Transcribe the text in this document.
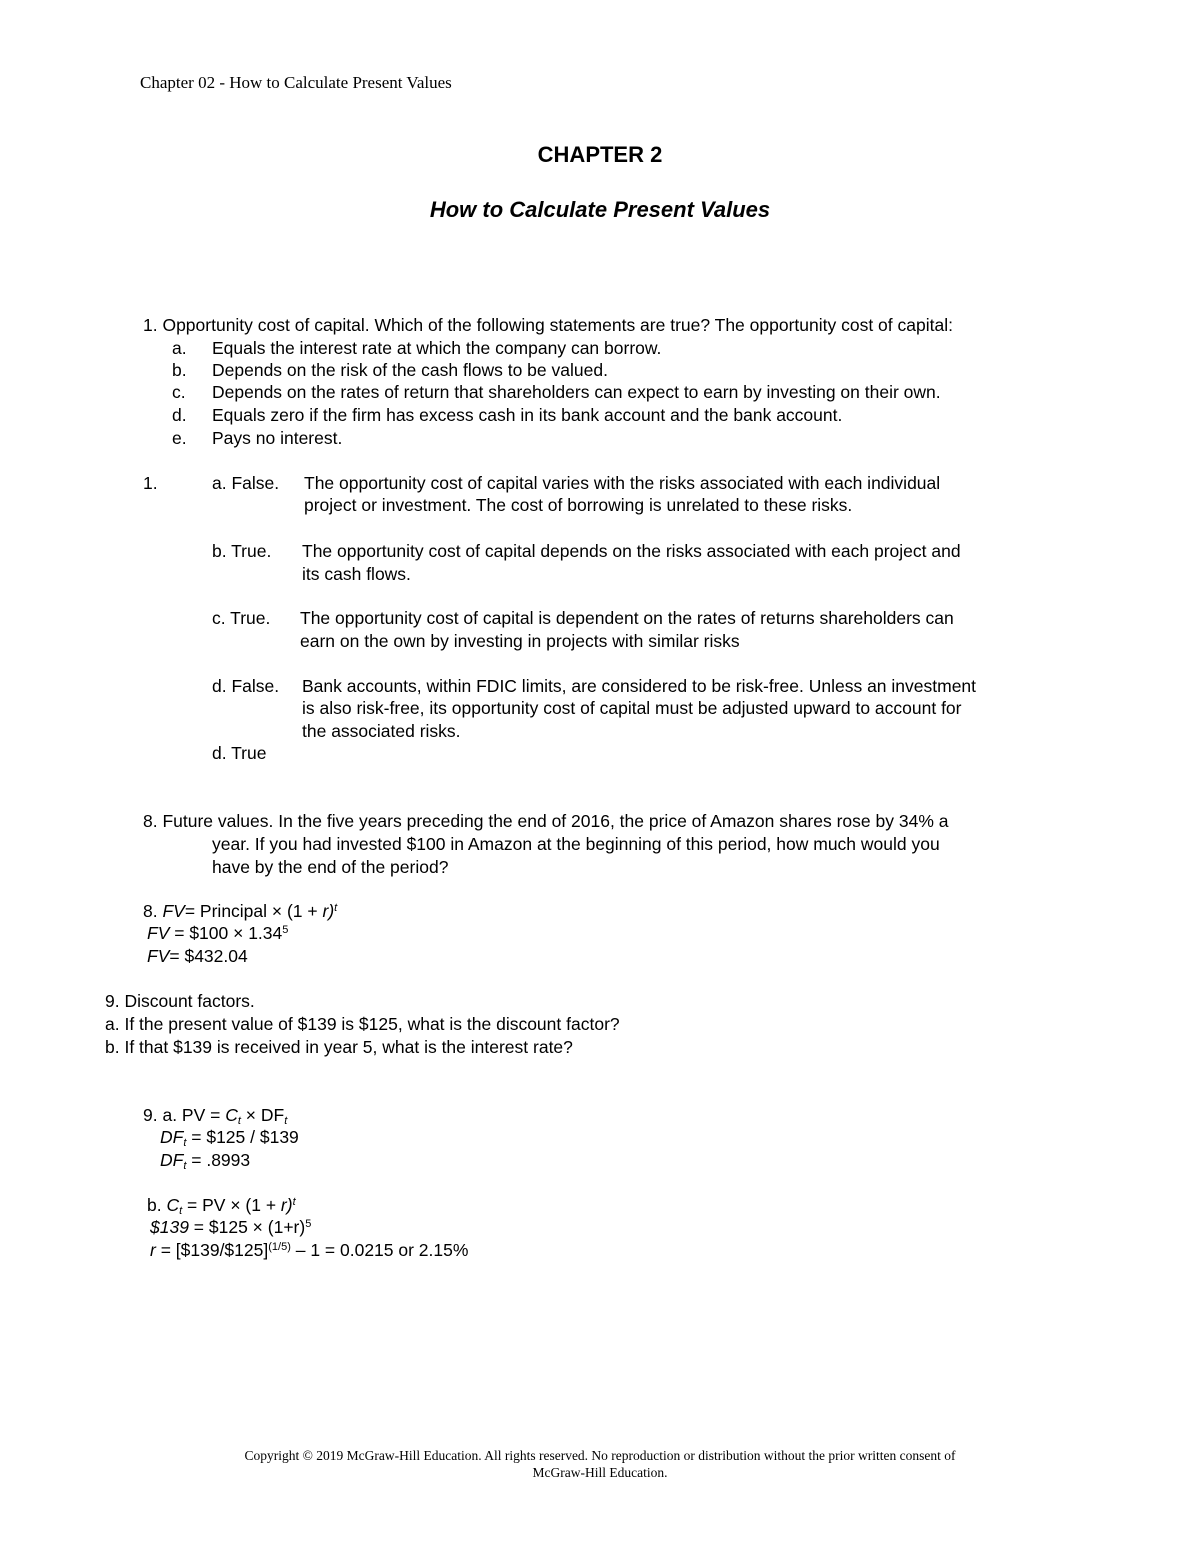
Chapter 02 - How to Calculate Present Values
CHAPTER 2
How to Calculate Present Values
1. Opportunity cost of capital. Which of the following statements are true? The opportunity cost of capital:
a. Equals the interest rate at which the company can borrow.
b. Depends on the risk of the cash flows to be valued.
c. Depends on the rates of return that shareholders can expect to earn by investing on their own.
d. Equals zero if the firm has excess cash in its bank account and the bank account.
e. Pays no interest.
1.	a. False. The opportunity cost of capital varies with the risks associated with each individual
project or investment. The cost of borrowing is unrelated to these risks.
b. True. The opportunity cost of capital depends on the risks associated with each project and
its cash flows.
c. True. The opportunity cost of capital is dependent on the rates of returns shareholders can
earn on the own by investing in projects with similar risks
d. False. Bank accounts, within FDIC limits, are considered to be risk-free. Unless an investment
is also risk-free, its opportunity cost of capital must be adjusted upward to account for
the associated risks.
d. True
8. Future values. In the five years preceding the end of 2016, the price of Amazon shares rose by 34% a
year. If you had invested $100 in Amazon at the beginning of this period, how much would you
have by the end of the period?
8. FV= Principal × $(1 + r)^t$
FV = $100 × $1.34^5$
FV= $432.04
9. Discount factors.
a. If the present value of $139 is $125, what is the discount factor?
b. If that $139 is received in year 5, what is the interest rate?
9. a. PV = $C_t \times DF_t$
$DF_t$ = $125 / $139
$DF_t = .8993$
b. $C_t$ = PV × $(1 + r)^t$
$139 = $125 × $(1+r)^5$
r = [$139/$125]$^{(1/5)}$ – 1 = 0.0215 or 2.15%
Copyright © 2019 McGraw-Hill Education. All rights reserved. No reproduction or distribution without the prior written consent of
McGraw-Hill Education.
